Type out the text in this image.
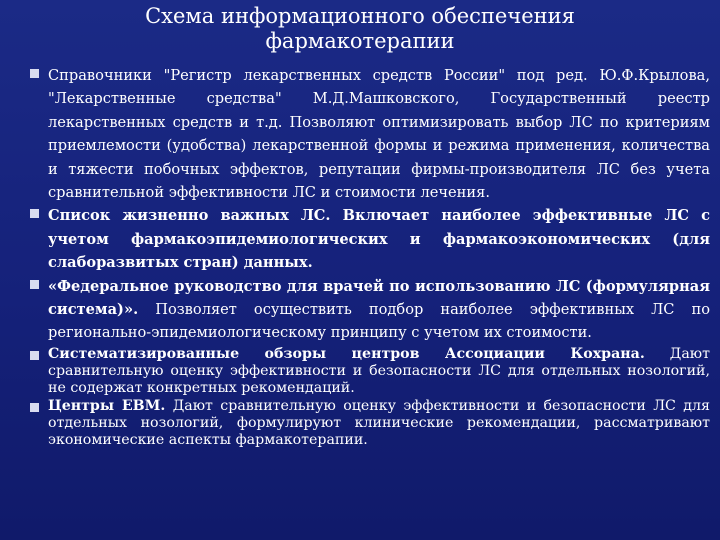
Схема информационного обеспечения
фармакотерапии
Справочники "Регистр лекарственных средств России" под ред. Ю.Ф.Крылова, "Лекарственные средства" М.Д.Машковского, Государственный реестр лекарственных средств и т.д. Позволяют оптимизировать выбор ЛС по критериям приемлемости (удобства) лекарственной формы и режима применения, количества и тяжести побочных эффектов, репутации фирмы-производителя ЛС без учета сравнительной эффективности ЛС и стоимости лечения.
Список жизненно важных ЛС. Включает наиболее эффективные ЛС с учетом фармакоэпидемиологических и фармакоэкономических (для слаборазвитых стран) данных.
«Федеральное руководство для врачей по использованию ЛС (формулярная система)». Позволяет осуществить подбор наиболее эффективных ЛС по регионально-эпидемиологическому принципу с учетом их стоимости.
Систематизированные обзоры центров Ассоциации Кохрана. Дают сравнительную оценку эффективности и безопасности ЛС для отдельных нозологий, не содержат конкретных рекомендаций.
Центры ЕВМ. Дают сравнительную оценку эффективности и безопасности ЛС для отдельных нозологий, формулируют клинические рекомендации, рассматривают экономические аспекты фармакотерапии.
